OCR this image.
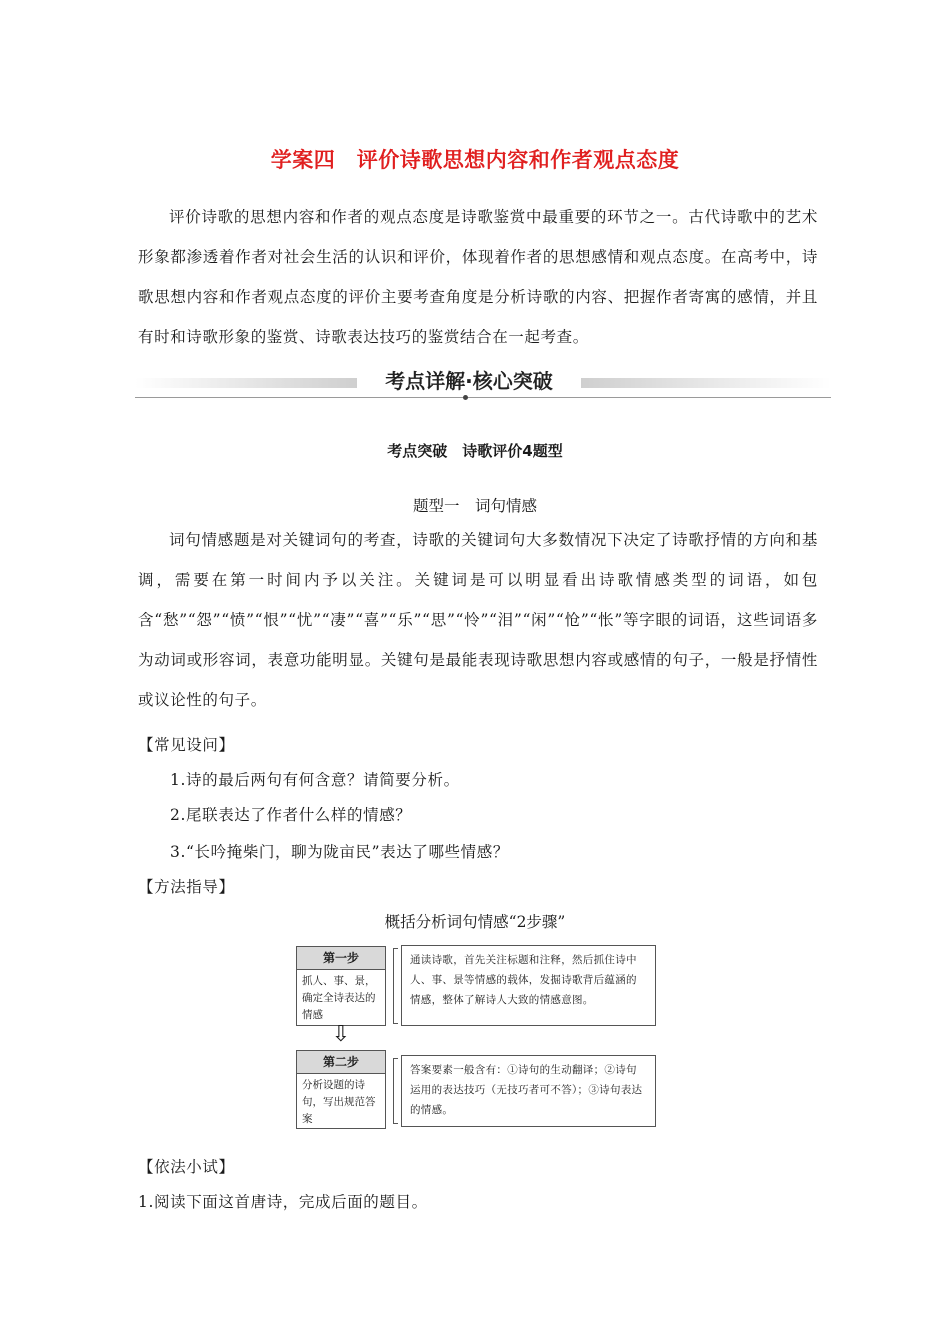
学案四　评价诗歌思想内容和作者观点态度
评价诗歌的思想内容和作者的观点态度是诗歌鉴赏中最重要的环节之一。古代诗歌中的艺术形象都渗透着作者对社会生活的认识和评价，体现着作者的思想感情和观点态度。在高考中，诗歌思想内容和作者观点态度的评价主要考查角度是分析诗歌的内容、把握作者寄寓的感情，并且有时和诗歌形象的鉴赏、诗歌表达技巧的鉴赏结合在一起考查。
考点详解·核心突破
考点突破　诗歌评价4题型
题型一　词句情感
词句情感题是对关键词句的考查，诗歌的关键词句大多数情况下决定了诗歌抒情的方向和基调，需要在第一时间内予以关注。关键词是可以明显看出诗歌情感类型的词语，如包含“愁”“怨”“愤”“恨”“忧”“凄”“喜”“乐”“思”“怜”“泪”“闲”“怆”“怅”等字眼的词语，这些词语多为动词或形容词，表意功能明显。关键句是最能表现诗歌思想内容或感情的句子，一般是抒情性或议论性的句子。
【常见设问】
1.诗的最后两句有何含意？请简要分析。
2.尾联表达了作者什么样的情感？
3.“长吟掩柴门，聊为陇亩民”表达了哪些情感？
【方法指导】
概括分析词句情感“2步骤”
第一步
抓人、事、景，确定全诗表达的情感
通读诗歌，首先关注标题和注释，然后抓住诗中人、事、景等情感的载体，发掘诗歌背后蕴涵的情感，整体了解诗人大致的情感意图。
⇩
第二步
分析设题的诗句，写出规范答案
答案要素一般含有：①诗句的生动翻译；②诗句运用的表达技巧（无技巧者可不答）；③诗句表达的情感。
【依法小试】
1.阅读下面这首唐诗，完成后面的题目。
